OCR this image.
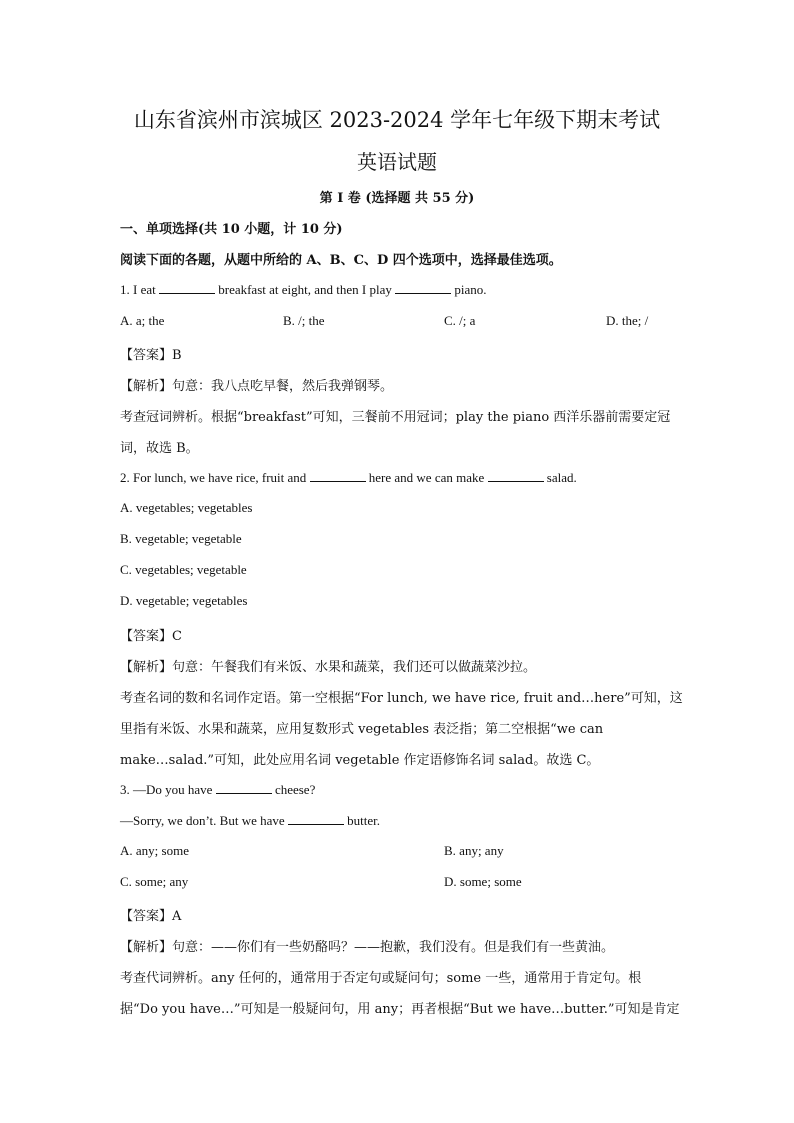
山东省滨州市滨城区 2023-2024 学年七年级下期末考试
英语试题
第 I 卷 (选择题 共 55 分)
一、单项选择(共 10 小题，计 10 分)
阅读下面的各题，从题中所给的 A、B、C、D 四个选项中，选择最佳选项。
1. I eat	breakfast at eight, and then I play	piano.
A. a; the	B. /; the	C. /; a	D. the; /
【答案】B
【解析】句意：我八点吃早餐，然后我弹钢琴。
考查冠词辨析。根据“breakfast”可知，三餐前不用冠词；play the piano 西洋乐器前需要定冠
词，故选 B。
2. For lunch, we have rice, fruit and	here and we can make	salad.
A. vegetables; vegetables
B. vegetable; vegetable
C. vegetables; vegetable
D. vegetable; vegetables
【答案】C
【解析】句意：午餐我们有米饭、水果和蔬菜，我们还可以做蔬菜沙拉。
考查名词的数和名词作定语。第一空根据“For lunch, we have rice, fruit and…here”可知，这
里指有米饭、水果和蔬菜，应用复数形式 vegetables 表泛指；第二空根据“we can
make…salad.”可知，此处应用名词 vegetable 作定语修饰名词 salad。故选 C。
3. —Do you have	cheese?
—Sorry, we don’t. But we have	butter.
A. any; some	B. any; any
C. some; any	D. some; some
【答案】A
【解析】句意：——你们有一些奶酪吗？——抱歉，我们没有。但是我们有一些黄油。
考查代词辨析。any 任何的，通常用于否定句或疑问句；some 一些，通常用于肯定句。根
据“Do you have…”可知是一般疑问句，用 any；再者根据“But we have…butter.”可知是肯定
